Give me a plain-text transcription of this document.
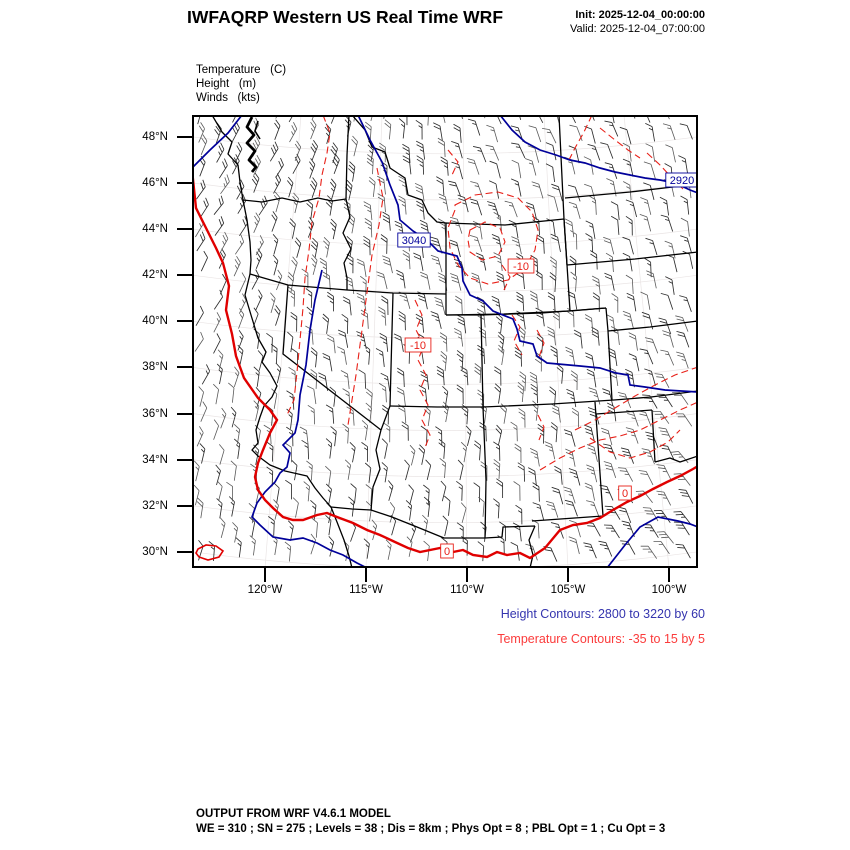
IWFAQRP Western US Real Time WRF	Init: 2025-12-04_00:00:00
Valid: 2025-12-04_07:00:00
Temperature   (C)
Height   (m)
Winds   (kts)
3040
2920
-10
-10
0
0
Height Contours: 2800 to 3220 by 60
Temperature Contours: -35 to 15 by 5
OUTPUT FROM WRF V4.6.1 MODEL
WE = 310 ; SN = 275 ; Levels = 38 ; Dis = 8km ; Phys Opt = 8 ; PBL Opt = 1 ; Cu Opt = 3
48°N
46°N
44°N
42°N
40°N
38°N
36°N
34°N
32°N
30°N
120°W	115°W	110°W	105°W	100°W
